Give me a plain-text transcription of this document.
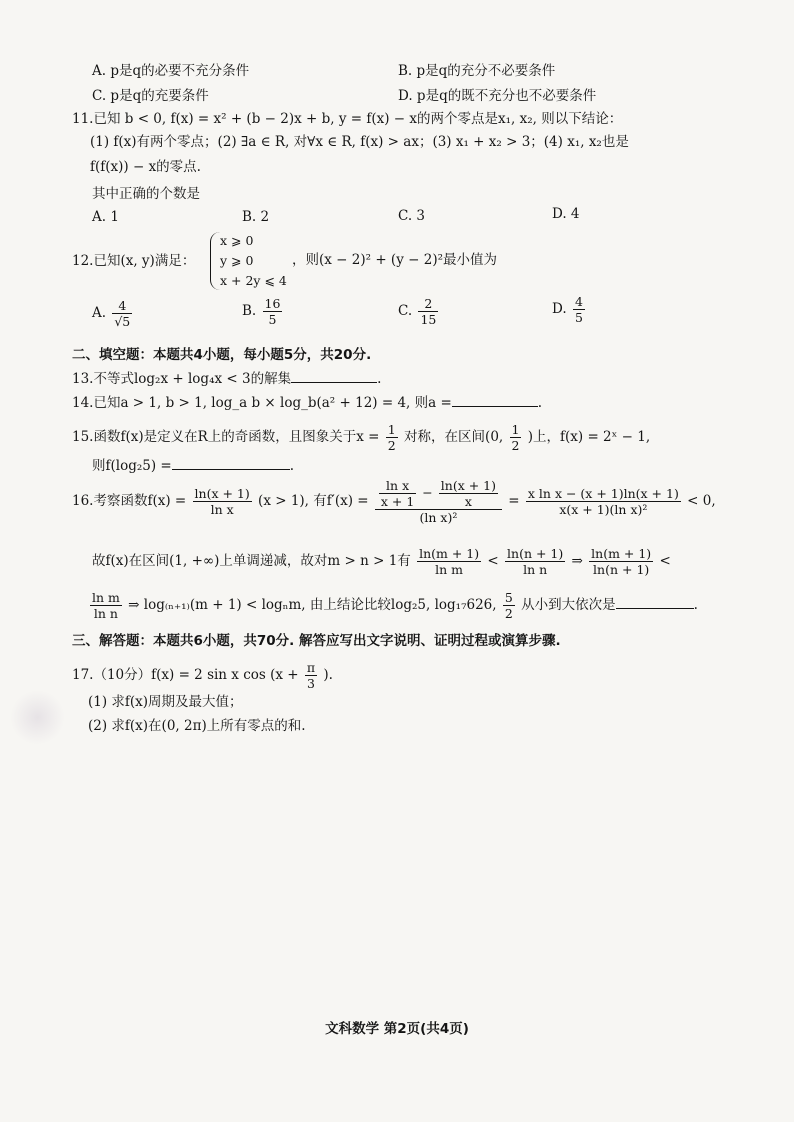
A. p是q的必要不充分条件	B. p是q的充分不必要条件
C. p是q的充要条件	D. p是q的既不充分也不必要条件
11.已知 b < 0, f(x) = x² + (b − 2)x + b, y = f(x) − x的两个零点是x₁, x₂, 则以下结论：
(1) f(x)有两个零点；(2) ∃a ∈ R, 对∀x ∈ R, f(x) > ax；(3) x₁ + x₂ > 3；(4) x₁, x₂也是
f(f(x)) − x的零点.
其中正确的个数是
A. 1	B. 2	C. 3	D. 4
12.已知(x, y)满足：
x ⩾ 0
y ⩾ 0
x + 2y ⩽ 4
，则(x − 2)² + (y − 2)²最小值为
A. $\frac{4}{√5}$	B. $\frac{16}{5}$	C. $\frac{2}{15}$	D. $\frac{4}{5}$
二、填空题：本题共4小题，每小题5分，共20分.
13.不等式log₂x + log₄x < 3的解集	.
14.已知a > 1, b > 1, log_a b × log_b(a² + 12) = 4, 则a =	.
15.函数f(x)是定义在R上的奇函数，且图象关于$x = \frac{1}{2}$ 对称，在区间(0, $\frac{1}{2}$ )上，f(x) = 2ˣ − 1,
则f(log₂5) =	.
16.考察函数$f(x) = \frac{\ln(x + 1)}{\text{ln x}} (x > 1)$, 有$f'(x) = \frac{\frac{\text{ln x}}{x + 1} - \frac{\ln(x + 1)}{x}}{\text{(ln x)²}} = \frac{\text{x ln x − (x + 1)ln(x + 1)}}{\text{x(x + 1)(ln x)²}} < 0$,
故f(x)在区间(1, +∞)上单调递减，故对m > n > 1有 $\frac{\ln(m + 1)}{\text{ln m}} < \frac{\ln(n + 1)}{\text{ln n}}$ ⇒ $\frac{\ln(m + 1)}{\ln(n + 1)}$ <
$\frac{\text{ln m}}{\text{ln n}}$ ⇒ log₍ₙ₊₁₎(m + 1) < logₙm, 由上结论比较log₂5, log₁₇626, $\frac{5}{2}$ 从小到大依次是	.
三、解答题：本题共6小题，共70分. 解答应写出文字说明、证明过程或演算步骤.
17.（10分）f(x) = 2 sin x $\cos (x + \frac{\pi}{3}$ ).
(1) 求f(x)周期及最大值；
(2) 求f(x)在(0, 2π)上所有零点的和.
文科数学 第2页(共4页)
